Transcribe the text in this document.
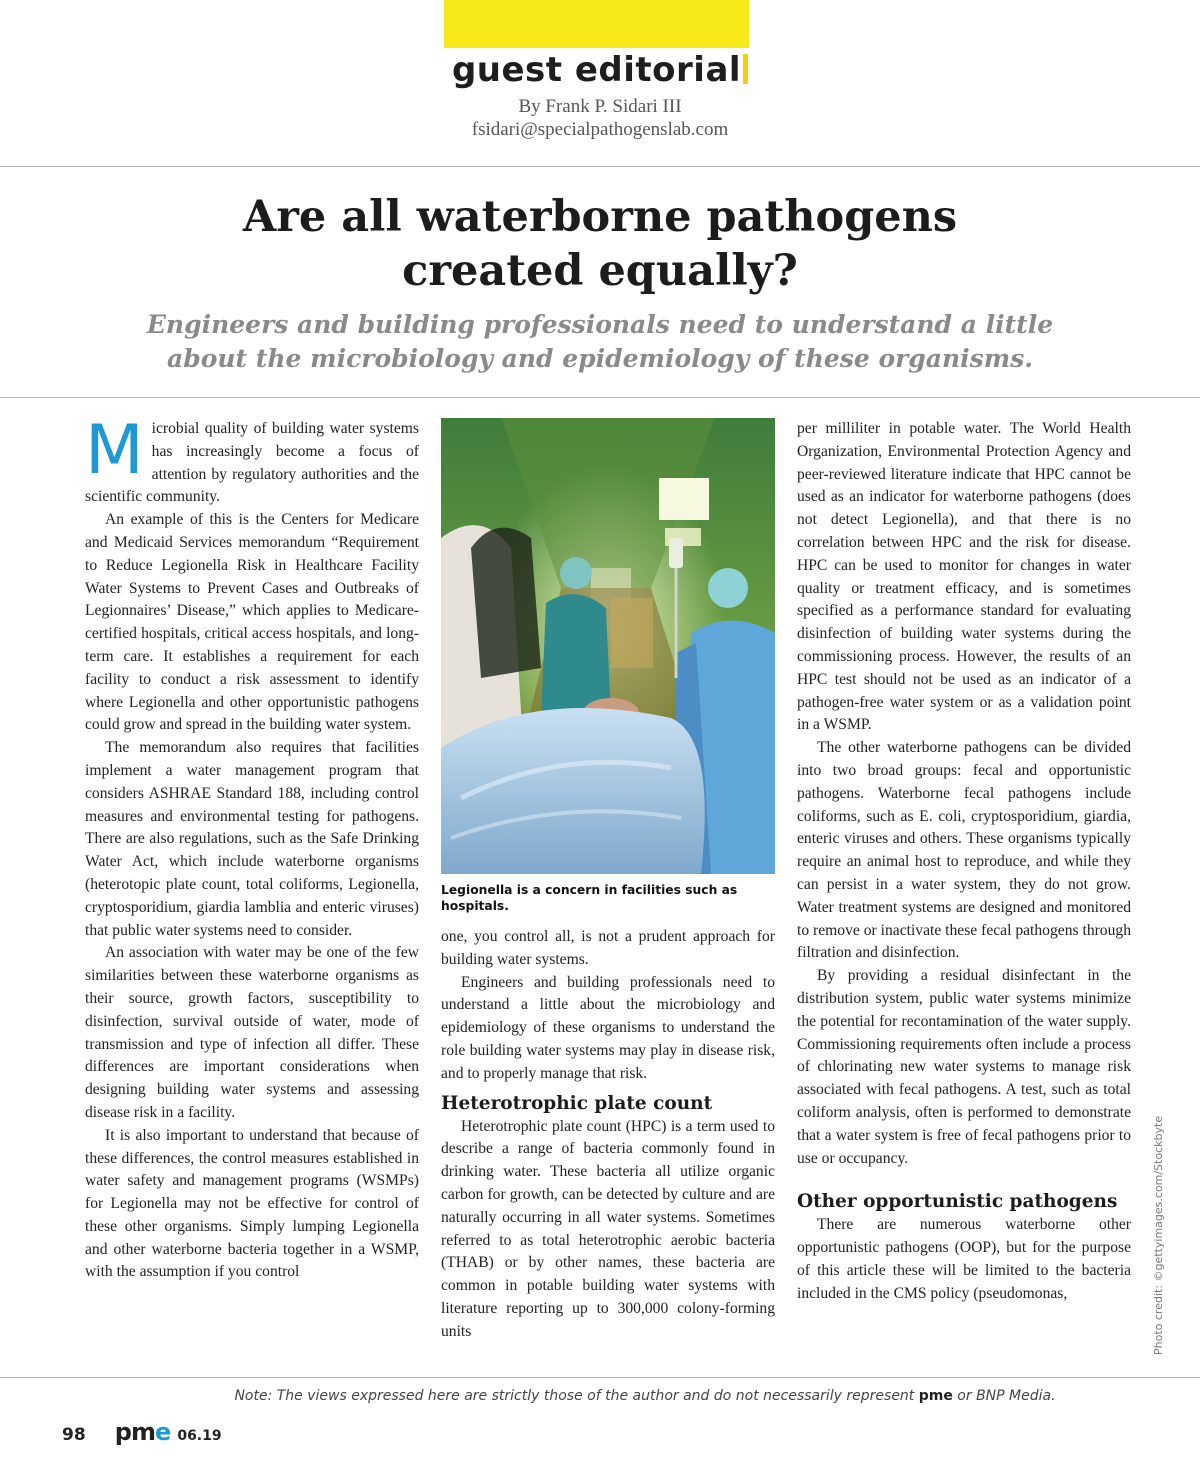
guest editorial
By Frank P. Sidari III
fsidari@specialpathogenslab.com
Are all waterborne pathogens
created equally?
Engineers and building professionals need to understand a little
about the microbiology and epidemiology of these organisms.

Microbial quality of building water systems has increasingly become a focus of attention by regulatory authorities and the scientific community.

An example of this is the Centers for Medicare and Medicaid Services memorandum “Requirement to Reduce Legionella Risk in Healthcare Facility Water Systems to Prevent Cases and Outbreaks of Legionnaires’ Disease,” which applies to Medicare-certified hospitals, critical access hospitals, and long-term care. It establishes a requirement for each facility to conduct a risk assessment to identify where Legionella and other opportunistic pathogens could grow and spread in the building water system.

The memorandum also requires that facilities implement a water management program that considers ASHRAE Standard 188, including control measures and environmental testing for pathogens. There are also regulations, such as the Safe Drinking Water Act, which include waterborne organisms (heterotopic plate count, total coliforms, Legionella, cryptosporidium, giardia lamblia and enteric viruses) that public water systems need to consider.

An association with water may be one of the few similarities between these waterborne organisms as their source, growth factors, susceptibility to disinfection, survival outside of water, mode of transmission and type of infection all differ. These differences are important considerations when designing building water systems and assessing disease risk in a facility.

It is also important to understand that because of these differences, the control measures established in water safety and management programs (WSMPs) for Legionella may not be effective for control of these other organisms. Simply lumping Legionella and other waterborne bacteria together in a WSMP, with the assumption if you control

Legionella is a concern in facilities such as hospitals.

one, you control all, is not a prudent approach for building water systems.

Engineers and building professionals need to understand a little about the microbiology and epidemiology of these organisms to understand the role building water systems may play in disease risk, and to properly manage that risk.

Heterotrophic plate count

Heterotrophic plate count (HPC) is a term used to describe a range of bacteria commonly found in drinking water. These bacteria all utilize organic carbon for growth, can be detected by culture and are naturally occurring in all water systems. Sometimes referred to as total heterotrophic aerobic bacteria (THAB) or by other names, these bacteria are common in potable building water systems with literature reporting up to 300,000 colony-forming units

per milliliter in potable water. The World Health Organization, Environmental Protection Agency and peer-reviewed literature indicate that HPC cannot be used as an indicator for waterborne pathogens (does not detect Legionella), and that there is no correlation between HPC and the risk for disease. HPC can be used to monitor for changes in water quality or treatment efficacy, and is sometimes specified as a performance standard for evaluating disinfection of building water systems during the commissioning process. However, the results of an HPC test should not be used as an indicator of a pathogen-free water system or as a validation point in a WSMP.

The other waterborne pathogens can be divided into two broad groups: fecal and opportunistic pathogens. Waterborne fecal pathogens include coliforms, such as E. coli, cryptosporidium, giardia, enteric viruses and others. These organisms typically require an animal host to reproduce, and while they can persist in a water system, they do not grow. Water treatment systems are designed and monitored to remove or inactivate these fecal pathogens through filtration and disinfection.

By providing a residual disinfectant in the distribution system, public water systems minimize the potential for recontamination of the water supply. Commissioning requirements often include a process of chlorinating new water systems to manage risk associated with fecal pathogens. A test, such as total coliform analysis, often is performed to demonstrate that a water system is free of fecal pathogens prior to use or occupancy.

Other opportunistic pathogens

There are numerous waterborne other opportunistic pathogens (OOP), but for the purpose of this article these will be limited to the bacteria included in the CMS policy (pseudomonas,	Photo credit: ©gettyimages.com/Stockbyte
Note: The views expressed here are strictly those of the author and do not necessarily represent pme or BNP Media.
98 pme 06.19
